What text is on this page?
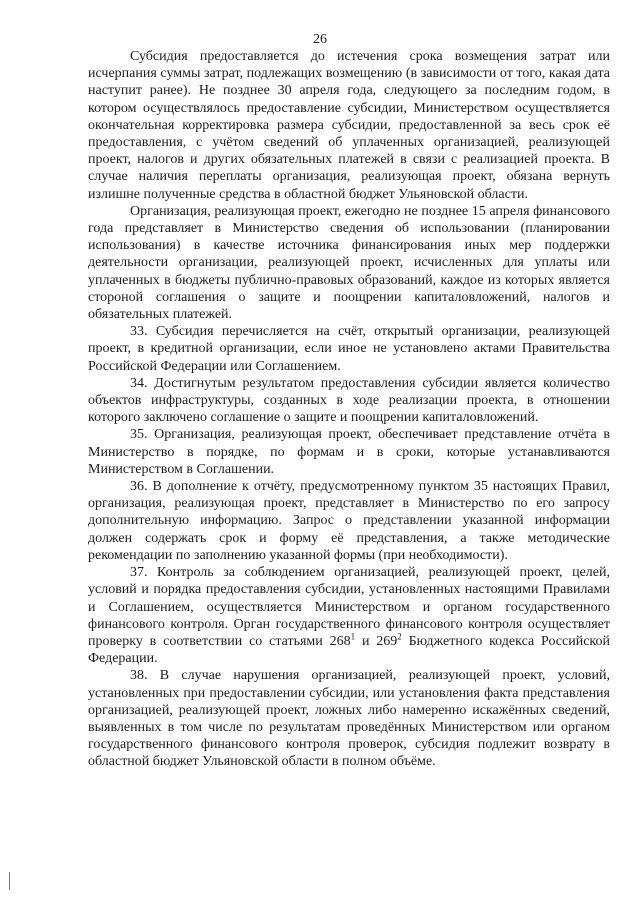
26

Субсидия предоставляется до истечения срока возмещения затрат или исчерпания суммы затрат, подлежащих возмещению (в зависимости от того, какая дата наступит ранее). Не позднее 30 апреля года, следующего за последним годом, в котором осуществлялось предоставление субсидии, Министерством осуществляется окончательная корректировка размера субсидии, предоставленной за весь срок её предоставления, с учётом сведений об уплаченных организацией, реализующей проект, налогов и других обязательных платежей в связи с реализацией проекта. В случае наличия переплаты организация, реализующая проект, обязана вернуть излишне полученные средства в областной бюджет Ульяновской области.

Организация, реализующая проект, ежегодно не позднее 15 апреля финансового года представляет в Министерство сведения об использовании (планировании использования) в качестве источника финансирования иных мер поддержки деятельности организации, реализующей проект, исчисленных для уплаты или уплаченных в бюджеты публично-правовых образований, каждое из которых является стороной соглашения о защите и поощрении капиталовложений, налогов и обязательных платежей.

33. Субсидия перечисляется на счёт, открытый организации, реализующей проект, в кредитной организации, если иное не установлено актами Правительства Российской Федерации или Соглашением.

34. Достигнутым результатом предоставления субсидии является количество объектов инфраструктуры, созданных в ходе реализации проекта, в отношении которого заключено соглашение о защите и поощрении капиталовложений.

35. Организация, реализующая проект, обеспечивает представление отчёта в Министерство в порядке, по формам и в сроки, которые устанавливаются Министерством в Соглашении.

36. В дополнение к отчёту, предусмотренному пунктом 35 настоящих Правил, организация, реализующая проект, представляет в Министерство по его запросу дополнительную информацию. Запрос о представлении указанной информации должен содержать срок и форму её представления, а также методические рекомендации по заполнению указанной формы (при необходимости).

37. Контроль за соблюдением организацией, реализующей проект, целей, условий и порядка предоставления субсидии, установленных настоящими Правилами и Соглашением, осуществляется Министерством и органом государственного финансового контроля. Орган государственного финансового контроля осуществляет проверку в соответствии со статьями $268^1$ и $269^2$ Бюджетного кодекса Российской Федерации.

38. В случае нарушения организацией, реализующей проект, условий, установленных при предоставлении субсидии, или установления факта представления организацией, реализующей проект, ложных либо намеренно искажённых сведений, выявленных в том числе по результатам проведённых Министерством или органом государственного финансового контроля проверок, субсидия подлежит возврату в областной бюджет Ульяновской области в полном объёме.
